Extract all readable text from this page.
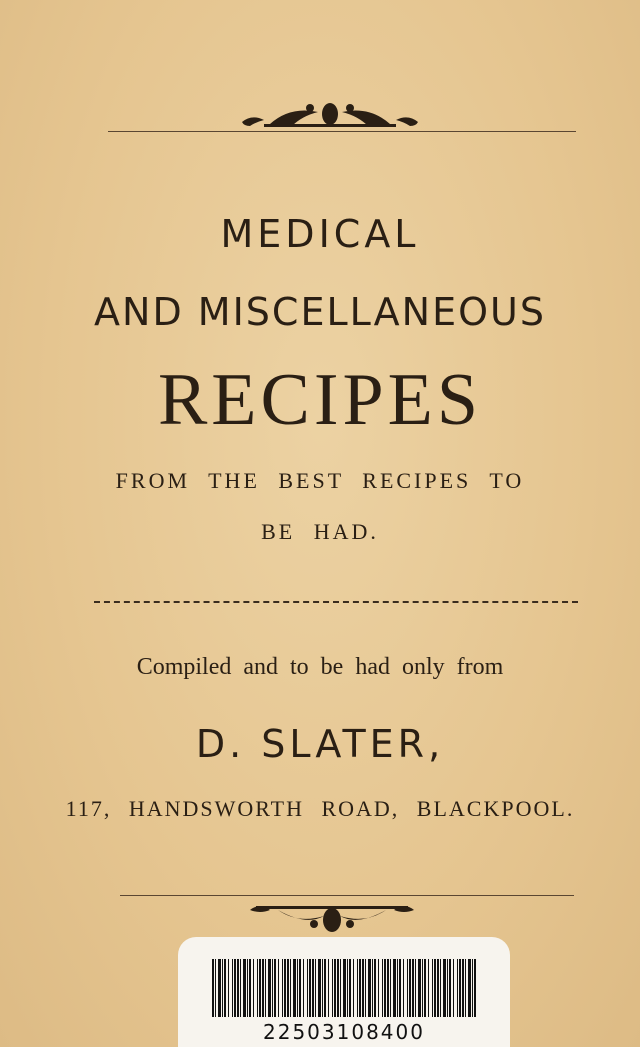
MEDICAL
AND MISCELLANEOUS
RECIPES
FROM THE BEST RECIPES TO
BE HAD.
Compiled and to be had only from
D. SLATER,
117, HANDSWORTH ROAD, BLACKPOOL.
22503108400
